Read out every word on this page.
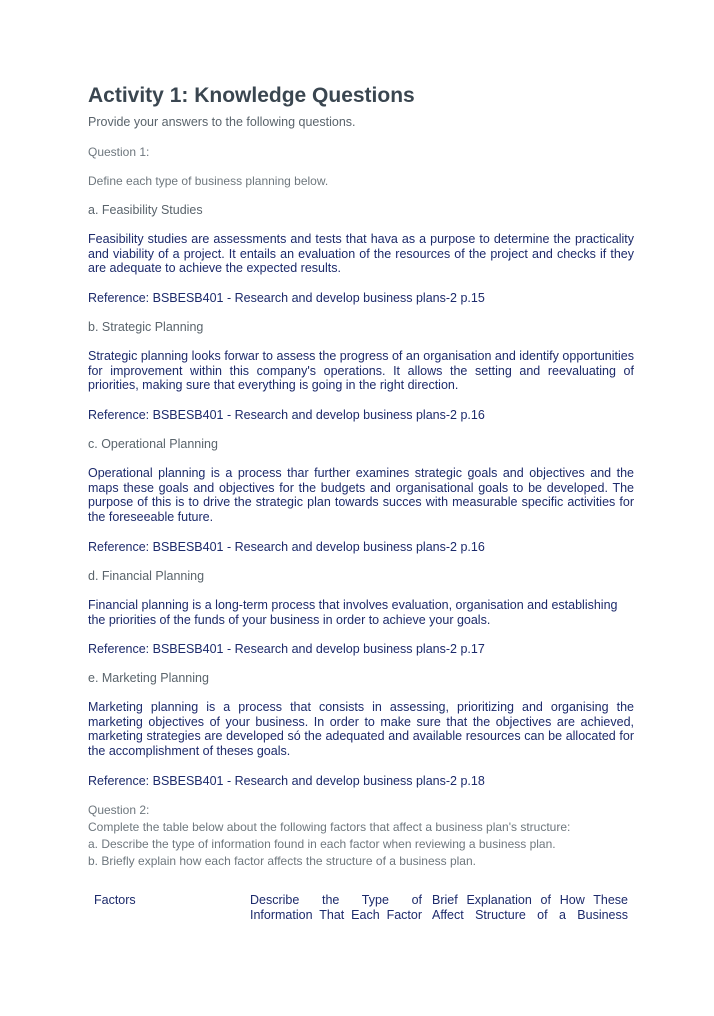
Activity 1: Knowledge Questions
Provide your answers to the following questions.
Question 1:
Define each type of business planning below.
a. Feasibility Studies
Feasibility studies are assessments and tests that hava as a purpose to determine the practicality and viability of a project. It entails an evaluation of the resources of the project and checks if they are adequate to achieve the expected results.
Reference: BSBESB401 - Research and develop business plans-2 p.15
b. Strategic Planning
Strategic planning looks forwar to assess the progress of an organisation and identify opportunities for improvement within this company's operations. It allows the setting and reevaluating of priorities, making sure that everything is going in the right direction.
Reference: BSBESB401 - Research and develop business plans-2 p.16
c. Operational Planning
Operational planning is a process thar further examines strategic goals and objectives and the maps these goals and objectives for the budgets and organisational goals to be developed. The purpose of this is to drive the strategic plan towards succes with measurable specific activities for the foreseeable future.
Reference: BSBESB401 - Research and develop business plans-2 p.16
d. Financial Planning
Financial planning is a long-term process that involves evaluation, organisation and establishing the priorities of the funds of your business in order to achieve your goals.
Reference: BSBESB401 - Research and develop business plans-2 p.17
e. Marketing Planning
Marketing planning is a process that consists in assessing, prioritizing and organising the marketing objectives of your business. In order to make sure that the objectives are achieved, marketing strategies are developed só the adequated and available resources can be allocated for the accomplishment of theses goals.
Reference: BSBESB401 - Research and develop business plans-2 p.18
Question 2:
Complete the table below about the following factors that affect a business plan's structure:
a. Describe the type of information found in each factor when reviewing a business plan.
b. Briefly explain how each factor affects the structure of a business plan.
Factors	Describe the Type of Information That Each Factor
Brief Explanation of How These Affect Structure of a Business
